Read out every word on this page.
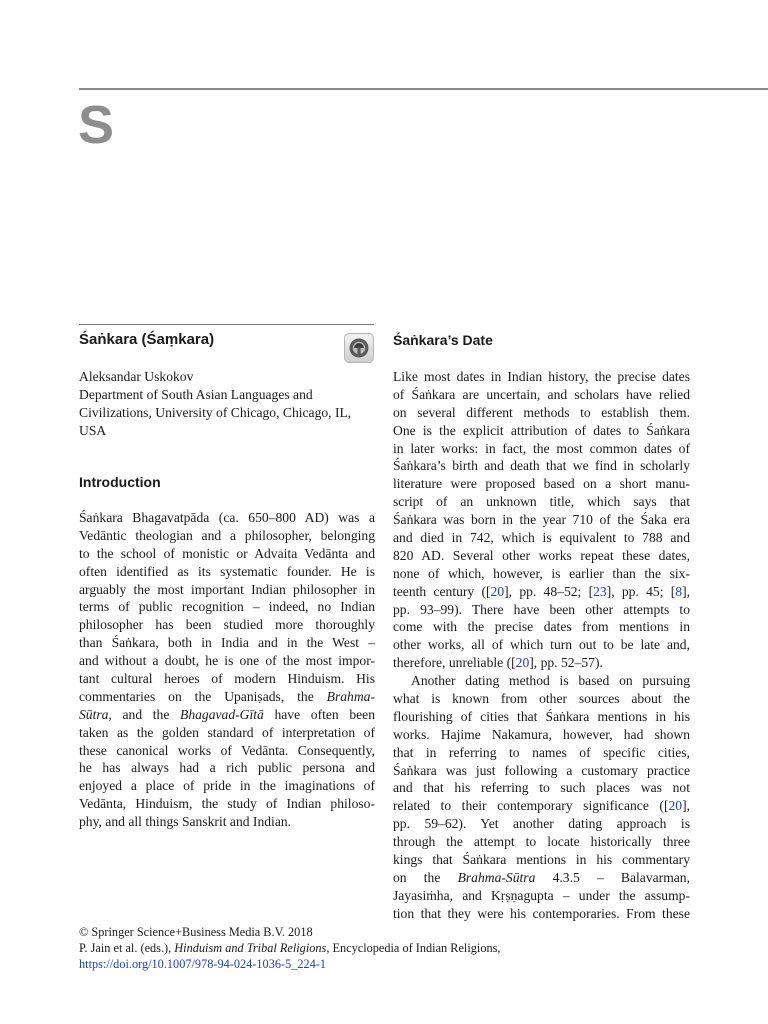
S
Śaṅkara (Śaṃkara)
Aleksandar Uskokov
Department of South Asian Languages and
Civilizations, University of Chicago, Chicago, IL,
USA
Introduction
Śaṅkara Bhagavatpāda (ca. 650–800 AD) was a
Vedāntic theologian and a philosopher, belonging
to the school of monistic or Advaita Vedānta and
often identified as its systematic founder. He is
arguably the most important Indian philosopher in
terms of public recognition – indeed, no Indian
philosopher has been studied more thoroughly
than Śaṅkara, both in India and in the West –
and without a doubt, he is one of the most impor-
tant cultural heroes of modern Hinduism. His
commentaries on the Upaniṣads, the Brahma-
Sūtra, and the Bhagavad-Gītā have often been
taken as the golden standard of interpretation of
these canonical works of Vedānta. Consequently,
he has always had a rich public persona and
enjoyed a place of pride in the imaginations of
Vedānta, Hinduism, the study of Indian philoso-
phy, and all things Sanskrit and Indian.
Śaṅkara’s Date
Like most dates in Indian history, the precise dates
of Śaṅkara are uncertain, and scholars have relied
on several different methods to establish them.
One is the explicit attribution of dates to Śaṅkara
in later works: in fact, the most common dates of
Śaṅkara’s birth and death that we find in scholarly
literature were proposed based on a short manu-
script of an unknown title, which says that
Śaṅkara was born in the year 710 of the Śaka era
and died in 742, which is equivalent to 788 and
820 AD. Several other works repeat these dates,
none of which, however, is earlier than the six-
teenth century ([20], pp. 48–52; [23], pp. 45; [8],
pp. 93–99). There have been other attempts to
come with the precise dates from mentions in
other works, all of which turn out to be late and,
therefore, unreliable ([20], pp. 52–57).
Another dating method is based on pursuing
what is known from other sources about the
flourishing of cities that Śaṅkara mentions in his
works. Hajime Nakamura, however, had shown
that in referring to names of specific cities,
Śaṅkara was just following a customary practice
and that his referring to such places was not
related to their contemporary significance ([20],
pp. 59–62). Yet another dating approach is
through the attempt to locate historically three
kings that Śaṅkara mentions in his commentary
on the Brahma-Sūtra 4.3.5 – Balavarman,
Jayasiṁha, and Kṛṣṇagupta – under the assump-
tion that they were his contemporaries. From these
© Springer Science+Business Media B.V. 2018
P. Jain et al. (eds.), Hinduism and Tribal Religions, Encyclopedia of Indian Religions,
https://doi.org/10.1007/978-94-024-1036-5_224-1
